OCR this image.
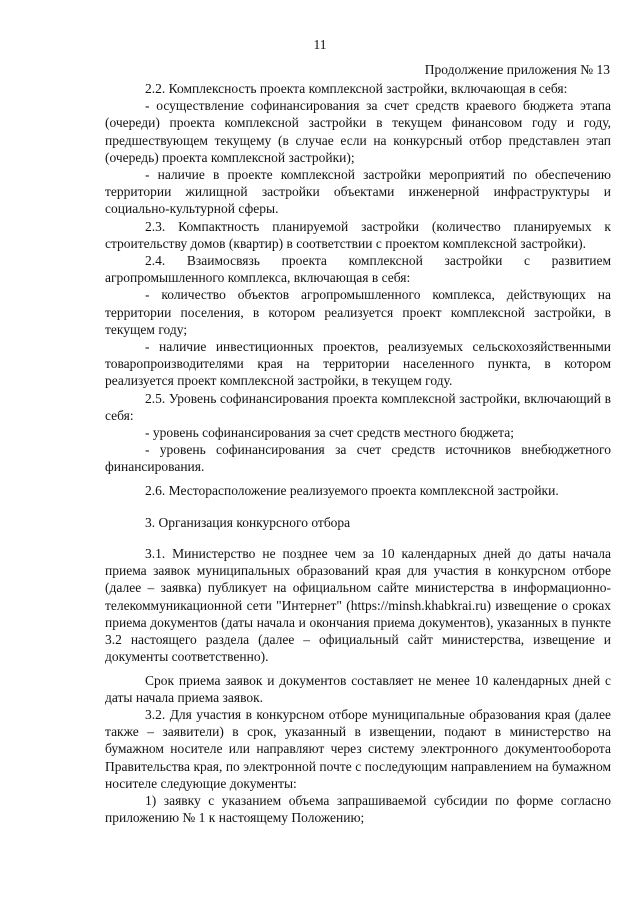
11
Продолжение приложения № 13

2.2. Комплексность проекта комплексной застройки, включающая в себя:

- осуществление софинансирования за счет средств краевого бюджета этапа (очереди) проекта комплексной застройки в текущем финансовом году и году, предшествующем текущему (в случае если на конкурсный отбор представлен этап (очередь) проекта комплексной застройки);

- наличие в проекте комплексной застройки мероприятий по обеспечению территории жилищной застройки объектами инженерной инфраструктуры и социально-культурной сферы.

2.3. Компактность планируемой застройки (количество планируемых к строительству домов (квартир) в соответствии с проектом комплексной застройки).

2.4. Взаимосвязь проекта комплексной застройки с развитием агропромышленного комплекса, включающая в себя:

- количество объектов агропромышленного комплекса, действующих на территории поселения, в котором реализуется проект комплексной застройки, в текущем году;

- наличие инвестиционных проектов, реализуемых сельскохозяйственными товаропроизводителями края на территории населенного пункта, в котором реализуется проект комплексной застройки, в текущем году.

2.5. Уровень софинансирования проекта комплексной застройки, включающий в себя:

- уровень софинансирования за счет средств местного бюджета;

- уровень софинансирования за счет средств источников внебюджетного финансирования.

2.6. Месторасположение реализуемого проекта комплексной застройки.

3. Организация конкурсного отбора

3.1. Министерство не позднее чем за 10 календарных дней до даты начала приема заявок муниципальных образований края для участия в конкурсном отборе (далее – заявка) публикует на официальном сайте министерства в информационно-телекоммуникационной сети "Интернет" (https://minsh.khabkrai.ru) извещение о сроках приема документов (даты начала и окончания приема документов), указанных в пункте 3.2 настоящего раздела (далее – официальный сайт министерства, извещение и документы соответственно).

Срок приема заявок и документов составляет не менее 10 календарных дней с даты начала приема заявок.

3.2. Для участия в конкурсном отборе муниципальные образования края (далее также – заявители) в срок, указанный в извещении, подают в министерство на бумажном носителе или направляют через систему электронного документооборота Правительства края, по электронной почте с последующим направлением на бумажном носителе следующие документы:

1) заявку с указанием объема запрашиваемой субсидии по форме согласно приложению № 1 к настоящему Положению;
